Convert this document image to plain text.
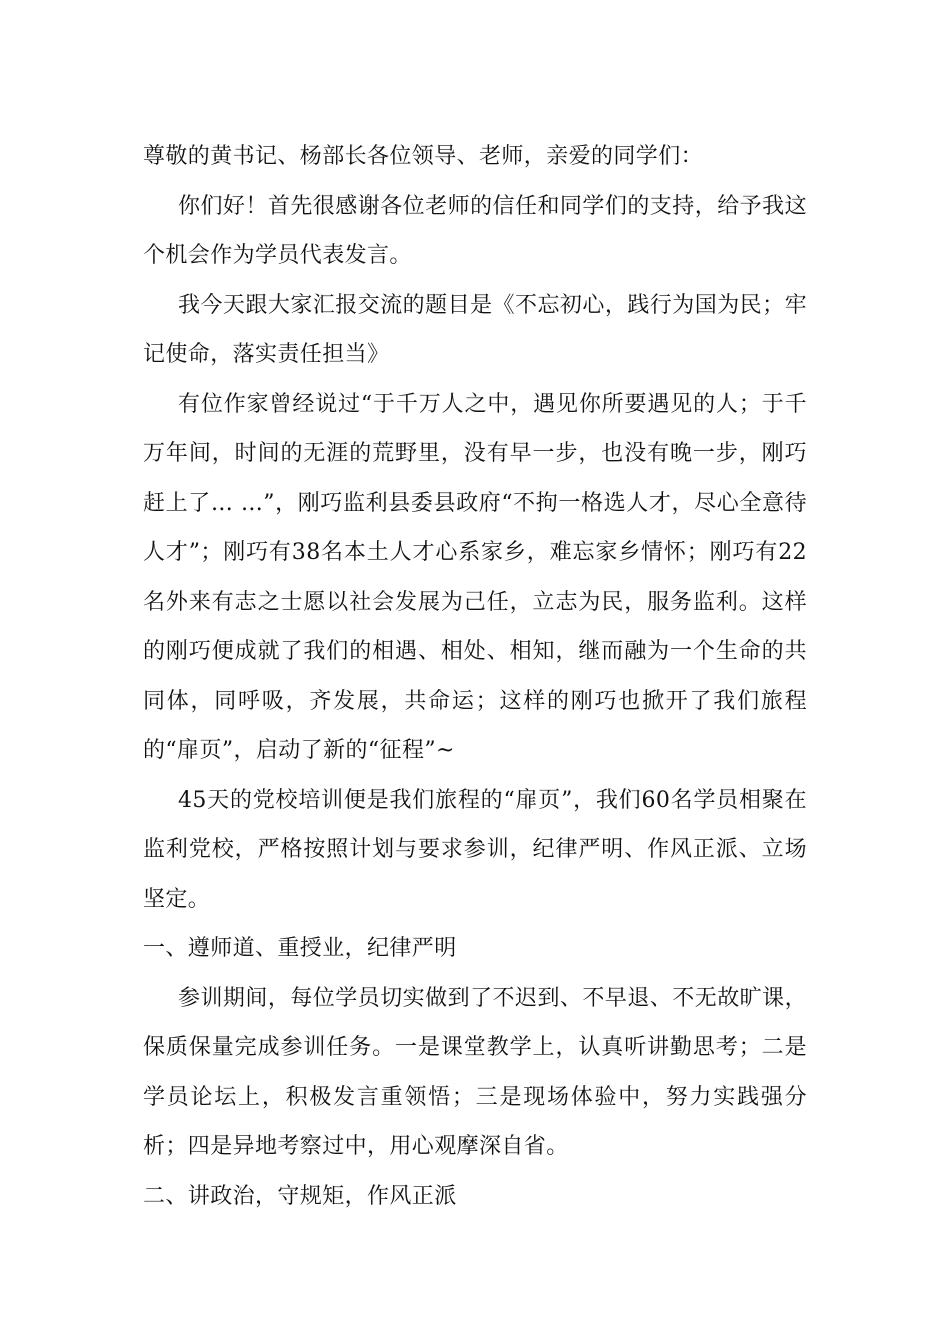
尊敬的黄书记、杨部长各位领导、老师，亲爱的同学们：

你们好！首先很感谢各位老师的信任和同学们的支持，给予我这个机会作为学员代表发言。

我今天跟大家汇报交流的题目是《不忘初心，践行为国为民；牢记使命，落实责任担当》

有位作家曾经说过“于千万人之中，遇见你所要遇见的人；于千万年间，时间的无涯的荒野里，没有早一步，也没有晚一步，刚巧赶上了… …”，刚巧监利县委县政府“不拘一格选人才，尽心全意待人才”；刚巧有38名本土人才心系家乡，难忘家乡情怀；刚巧有22名外来有志之士愿以社会发展为己任，立志为民，服务监利。这样的刚巧便成就了我们的相遇、相处、相知，继而融为一个生命的共同体，同呼吸，齐发展，共命运；这样的刚巧也掀开了我们旅程的“扉页”，启动了新的“征程”~

45天的党校培训便是我们旅程的“扉页”，我们60名学员相聚在监利党校，严格按照计划与要求参训，纪律严明、作风正派、立场坚定。

一、遵师道、重授业，纪律严明

参训期间，每位学员切实做到了不迟到、不早退、不无故旷课，保质保量完成参训任务。一是课堂教学上，认真听讲勤思考；二是学员论坛上，积极发言重领悟；三是现场体验中，努力实践强分析；四是异地考察过中，用心观摩深自省。

二、讲政治，守规矩，作风正派
